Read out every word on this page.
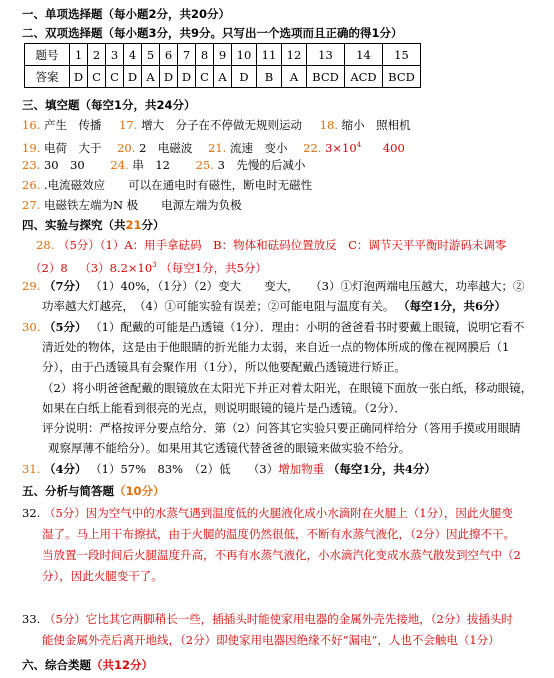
一、单项选择题（每小题2分，共20分）
二、双项选择题（每小题3分，共9分。只写出一个选项而且正确的得1分）
题号	1	2	3	4	5	6	7	8	9	10	11	12	13	14	15
答案	D	C	C	D	A	D	D	C	A	D	B	A	BCD	ACD	BCD
三、填空题（每空1分，共24分）
16. 产生　传播 17. 增大　分子在不停做无规则运动 18. 缩小　照相机
19. 电荷　大于 20. 2　电磁波 21. 流速　变小 22. $3\times 10^4$ 400
23. 30　30 24. 串　12 25. 3　先慢的后减小
26. .电流磁效应　　可以在通电时有磁性，断电时无磁性
27. 电磁铁左端为N 极　　电源左端为负极
四、实验与探究（共21分）
28. （5分）（1）A：用手拿砝码　B：物体和砝码位置放反　C：调节天平平衡时游码未调零
（2）8 $(3)8.2\times 10^3$ （每空1分，共5分）
29. （7分） （1）40%，（1分）（2）变大　　变大，　　（3）①灯泡两端电压越大，功率越大；②
功率越大灯越亮，　（4）①可能实验有误差；②可能电阻与温度有关。 （每空1分，共6分）
30. （5分） （1）配戴的可能是凸透镜（1分）．理由：小明的爸爸看书时要戴上眼镜，说明它看不
清近处的物体，这是由于他眼睛的折光能力太弱，来自近一点的物体所成的像在视网膜后（1
分），由于凸透镜具有会聚作用（1分），所以他要配戴凸透镜进行矫正。
（2）将小明爸爸配戴的眼镜放在太阳光下并正对着太阳光，在眼镜下面放一张白纸，移动眼镜，
如果在白纸上能看到很亮的光点，则说明眼镜的镜片是凸透镜。（2分）．
评分说明：严格按评分要点给分．第（2）问答其它实验只要正确同样给分（答用手摸或用眼睛
观察厚薄不能给分）。如果用其它透镜代替爸爸的眼镜来做实验不给分。
31. （4分） （1）57%　83%　（2）低　　（3）增加物重 （每空1分，共4分）
五、分析与简答题（10分）
32. （5分）因为空气中的水蒸气遇到温度低的火腿液化成小水滴附在火腿上（1分），因此火腿变
湿了。马上用干布擦拭，由于火腿的温度仍然很低，不断有水蒸气液化，（2分）因此擦不干。
当放置一段时间后火腿温度升高，不再有水蒸气液化，小水滴汽化变成水蒸气散发到空气中（2
分），因此火腿变干了。
33. （5分）它比其它两脚稍长一些，插插头时能使家用电器的金属外壳先接地，（2分）拔插头时
能使金属外壳后离开地线，（2分）即使家用电器因绝缘不好“漏电”，人也不会触电（1分）
六、综合类题（共12分）
